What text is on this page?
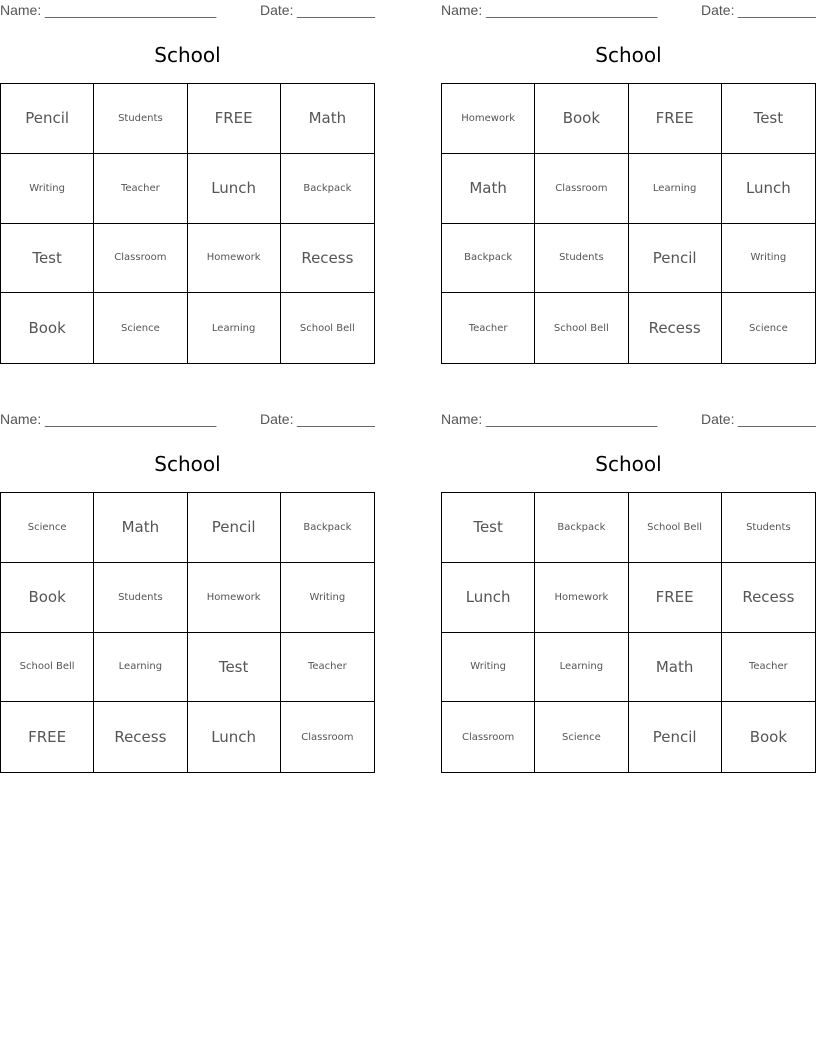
Name: ______________________	Date: __________
School
Pencil	Students	FREE	Math
Writing	Teacher	Lunch	Backpack
Test	Classroom	Homework	Recess
Book	Science	Learning	School Bell
Name: ______________________	Date: __________
School
Homework	Book	FREE	Test
Math	Classroom	Learning	Lunch
Backpack	Students	Pencil	Writing
Teacher	School Bell	Recess	Science
Name: ______________________	Date: __________
School
Science	Math	Pencil	Backpack
Book	Students	Homework	Writing
School Bell	Learning	Test	Teacher
FREE	Recess	Lunch	Classroom
Name: ______________________	Date: __________
School
Test	Backpack	School Bell	Students
Lunch	Homework	FREE	Recess
Writing	Learning	Math	Teacher
Classroom	Science	Pencil	Book
